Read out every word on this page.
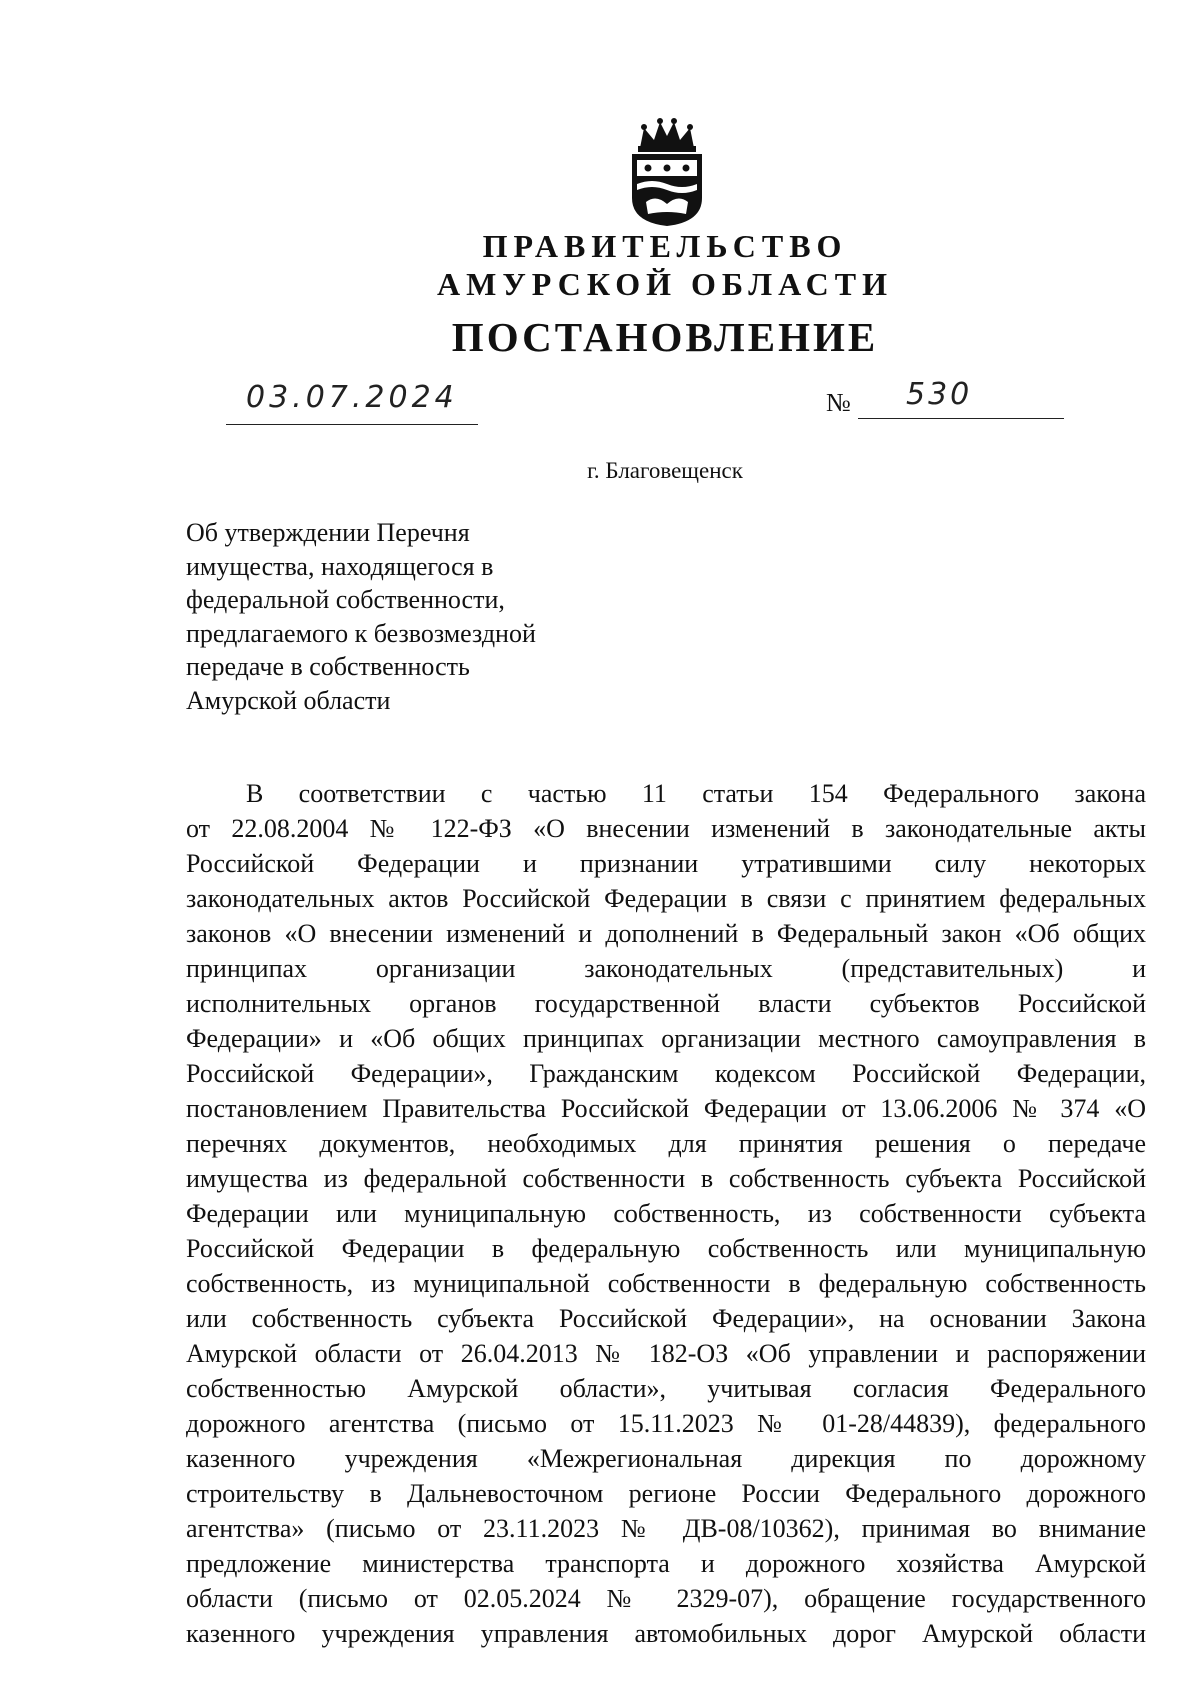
ПРАВИТЕЛЬСТВО
АМУРСКОЙ ОБЛАСТИ
ПОСТАНОВЛЕНИЕ
03.07.2024	№ 530
г. Благовещенск
Об утверждении Перечня
имущества, находящегося в
федеральной собственности,
предлагаемого к безвозмездной
передаче в собственность
Амурской области
В соответствии с частью 11 статьи 154 Федерального закона
от 22.08.2004 № 122-ФЗ «О внесении изменений в законодательные акты
Российской Федерации и признании утратившими силу некоторых
законодательных актов Российской Федерации в связи с принятием федеральных
законов «О внесении изменений и дополнений в Федеральный закон «Об общих
принципах организации законодательных (представительных) и
исполнительных органов государственной власти субъектов Российской
Федерации» и «Об общих принципах организации местного самоуправления в
Российской Федерации», Гражданским кодексом Российской Федерации,
постановлением Правительства Российской Федерации от 13.06.2006 № 374 «О
перечнях документов, необходимых для принятия решения о передаче
имущества из федеральной собственности в собственность субъекта Российской
Федерации или муниципальную собственность, из собственности субъекта
Российской Федерации в федеральную собственность или муниципальную
собственность, из муниципальной собственности в федеральную собственность
или собственность субъекта Российской Федерации», на основании Закона
Амурской области от 26.04.2013 № 182-ОЗ «Об управлении и распоряжении
собственностью Амурской области», учитывая согласия Федерального
дорожного агентства (письмо от 15.11.2023 № 01-28/44839), федерального
казенного учреждения «Межрегиональная дирекция по дорожному
строительству в Дальневосточном регионе России Федерального дорожного
агентства» (письмо от 23.11.2023 № ДВ-08/10362), принимая во внимание
предложение министерства транспорта и дорожного хозяйства Амурской
области (письмо от 02.05.2024 № 2329-07), обращение государственного
казенного учреждения управления автомобильных дорог Амурской области
